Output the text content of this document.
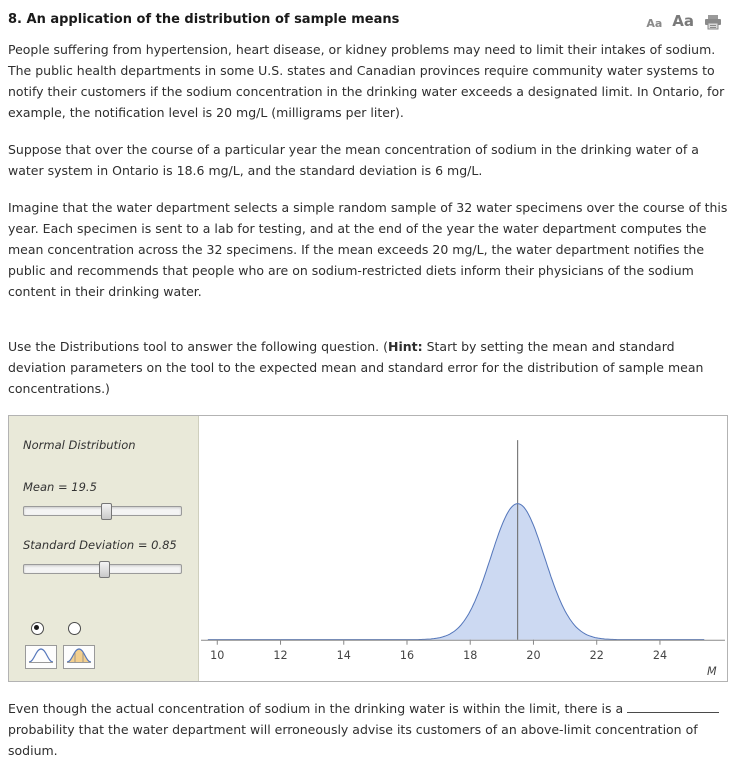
8. An application of the distribution of sample means	Aa Aa

People suffering from hypertension, heart disease, or kidney problems may need to limit their intakes of sodium. The public health departments in some U.S. states and Canadian provinces require community water systems to notify their customers if the sodium concentration in the drinking water exceeds a designated limit. In Ontario, for example, the notification level is 20 mg/L (milligrams per liter).

Suppose that over the course of a particular year the mean concentration of sodium in the drinking water of a water system in Ontario is 18.6 mg/L, and the standard deviation is 6 mg/L.

Imagine that the water department selects a simple random sample of 32 water specimens over the course of this year. Each specimen is sent to a lab for testing, and at the end of the year the water department computes the mean concentration across the 32 specimens. If the mean exceeds 20 mg/L, the water department notifies the public and recommends that people who are on sodium-restricted diets inform their physicians of the sodium content in their drinking water.

Use the Distributions tool to answer the following question. (Hint: Start by setting the mean and standard deviation parameters on the tool to the expected mean and standard error for the distribution of sample mean concentrations.)

Normal Distribution
Mean = 19.5
Standard Deviation = 0.85
10	12	14	16	18	20	22	24
M

Even though the actual concentration of sodium in the drinking water is within the limit, there is a  probability that the water department will erroneously advise its customers of an above-limit concentration of sodium.
